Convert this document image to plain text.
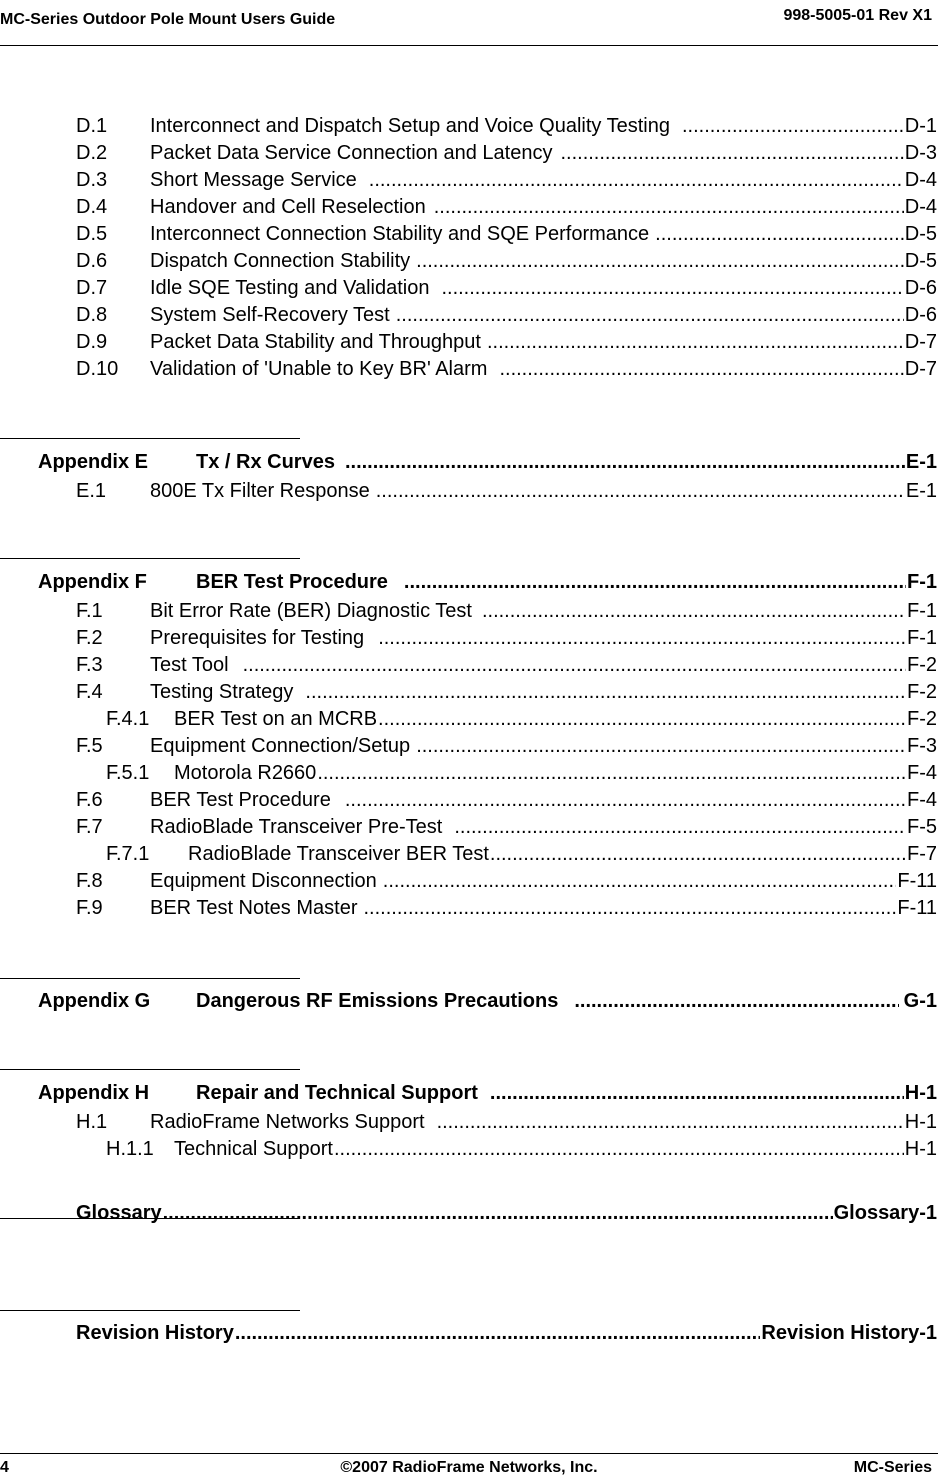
MC-Series Outdoor Pole Mount Users Guide	998-5005-01 Rev X1
D.1	Interconnect and Dispatch Setup and Voice Quality Testing .....	D-1
D.2	Packet Data Service Connection and Latency .....	D-3
D.3	Short Message Service .....	D-4
D.4	Handover and Cell Reselection .....	D-4
D.5	Interconnect Connection Stability and SQE Performance .....	D-5
D.6	Dispatch Connection Stability .....	D-5
D.7	Idle SQE Testing and Validation .....	D-6
D.8	System Self-Recovery Test .....	D-6
D.9	Packet Data Stability and Throughput .....	D-7
D.10	Validation of 'Unable to Key BR' Alarm .....	D-7
Appendix E	Tx / Rx Curves .....	E-1
E.1	800E Tx Filter Response .....	E-1
Appendix F	BER Test Procedure .....	F-1
F.1	Bit Error Rate (BER) Diagnostic Test .....	F-1
F.2	Prerequisites for Testing .....	F-1
F.3	Test Tool .....	F-2
F.4	Testing Strategy .....	F-2
F.4.1	BER Test on an MCRB .....	F-2
F.5	Equipment Connection/Setup .....	F-3
F.5.1	Motorola R2660 .....	F-4
F.6	BER Test Procedure .....	F-4
F.7	RadioBlade Transceiver Pre-Test .....	F-5
F.7.1	RadioBlade Transceiver BER Test .....	F-7
F.8	Equipment Disconnection .....	F-11
F.9	BER Test Notes Master .....	F-11
Appendix G	Dangerous RF Emissions Precautions .....	G-1
Appendix H	Repair and Technical Support .....	H-1
H.1	RadioFrame Networks Support .....	H-1
H.1.1	Technical Support .....	H-1
Glossary .....	Glossary-1
Revision History .....	Revision History-1
©2007 RadioFrame Networks, Inc.
4	MC-Series
